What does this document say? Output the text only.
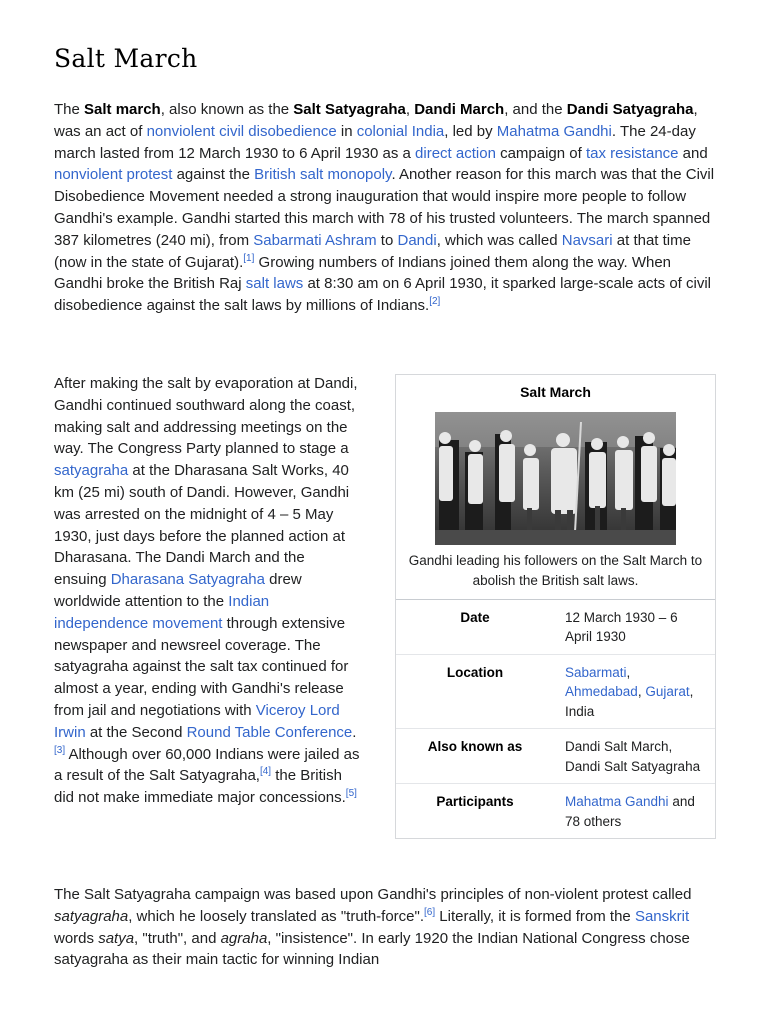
Salt March

The Salt march, also known as the Salt Satyagraha, Dandi March, and the Dandi Satyagraha, was an act of nonviolent civil disobedience in colonial India, led by Mahatma Gandhi. The 24-day march lasted from 12 March 1930 to 6 April 1930 as a direct action campaign of tax resistance and nonviolent protest against the British salt monopoly. Another reason for this march was that the Civil Disobedience Movement needed a strong inauguration that would inspire more people to follow Gandhi's example. Gandhi started this march with 78 of his trusted volunteers. The march spanned 387 kilometres (240 mi), from Sabarmati Ashram to Dandi, which was called Navsari at that time (now in the state of Gujarat).[1] Growing numbers of Indians joined them along the way. When Gandhi broke the British Raj salt laws at 8:30 am on 6 April 1930, it sparked large-scale acts of civil disobedience against the salt laws by millions of Indians.[2]

After making the salt by evaporation at Dandi, Gandhi continued southward along the coast, making salt and addressing meetings on the way. The Congress Party planned to stage a satyagraha at the Dharasana Salt Works, 40 km (25 mi) south of Dandi. However, Gandhi was arrested on the midnight of 4 – 5 May 1930, just days before the planned action at Dharasana. The Dandi March and the ensuing Dharasana Satyagraha drew worldwide attention to the Indian independence movement through extensive newspaper and newsreel coverage. The satyagraha against the salt tax continued for almost a year, ending with Gandhi's release from jail and negotiations with Viceroy Lord Irwin at the Second Round Table Conference.[3] Although over 60,000 Indians were jailed as a result of the Salt Satyagraha,[4] the British did not make immediate major concessions.[5]

Salt March
Gandhi leading his followers on the Salt March to abolish the British salt laws.
Date	12 March 1930 – 6 April 1930
Location	Sabarmati, Ahmedabad, Gujarat, India
Also known as	Dandi Salt March, Dandi Salt Satyagraha
Participants	Mahatma Gandhi and 78 others

The Salt Satyagraha campaign was based upon Gandhi's principles of non-violent protest called satyagraha, which he loosely translated as "truth-force".[6] Literally, it is formed from the Sanskrit words satya, "truth", and agraha, "insistence". In early 1920 the Indian National Congress chose satyagraha as their main tactic for winning Indian
